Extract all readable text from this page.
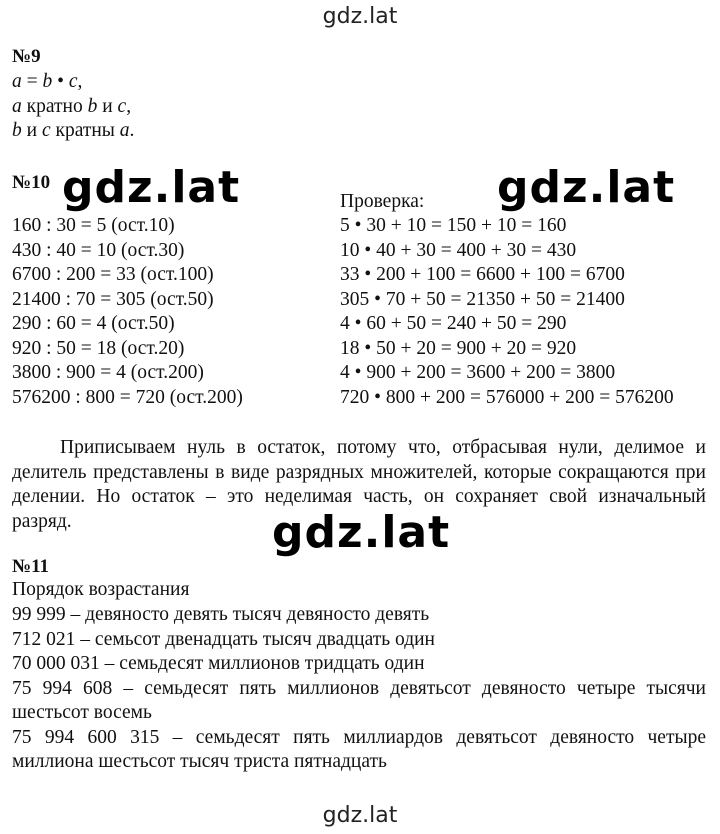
gdz.lat
№9
a = b • c,
a кратно b и c,
b и c кратны a.
№10
160 : 30 = 5 (ост.10)
430 : 40 = 10 (ост.30)
6700 : 200 = 33 (ост.100)
21400 : 70 = 305 (ост.50)
290 : 60 = 4 (ост.50)
920 : 50 = 18 (ост.20)
3800 : 900 = 4 (ост.200)
576200 : 800 = 720 (ост.200)
Проверка:
5 • 30 + 10 = 150 + 10 = 160
10 • 40 + 30 = 400 + 30 = 430
33 • 200 + 100 = 6600 + 100 = 6700
305 • 70 + 50 = 21350 + 50 = 21400
4 • 60 + 50 = 240 + 50 = 290
18 • 50 + 20 = 900 + 20 = 920
4 • 900 + 200 = 3600 + 200 = 3800
720 • 800 + 200 = 576000 + 200 = 576200

Приписываем нуль в остаток, потому что, отбрасывая нули, делимое и делитель представлены в виде разрядных множителей, которые сокращаются при делении. Но остаток – это неделимая часть, он сохраняет свой изначальный разряд.

№11
Порядок возрастания

99 999 – девяносто девять тысяч девяносто девять

712 021 – семьсот двенадцать тысяч двадцать один

70 000 031 – семьдесят миллионов тридцать один

75 994 608 – семьдесят пять миллионов девятьсот девяносто четыре тысячи шестьсот восемь

75 994 600 315 – семьдесят пять миллиардов девятьсот девяносто четыре миллиона шестьсот тысяч триста пятнадцать

gdz.lat	gdz.lat
gdz.lat
gdz.lat
